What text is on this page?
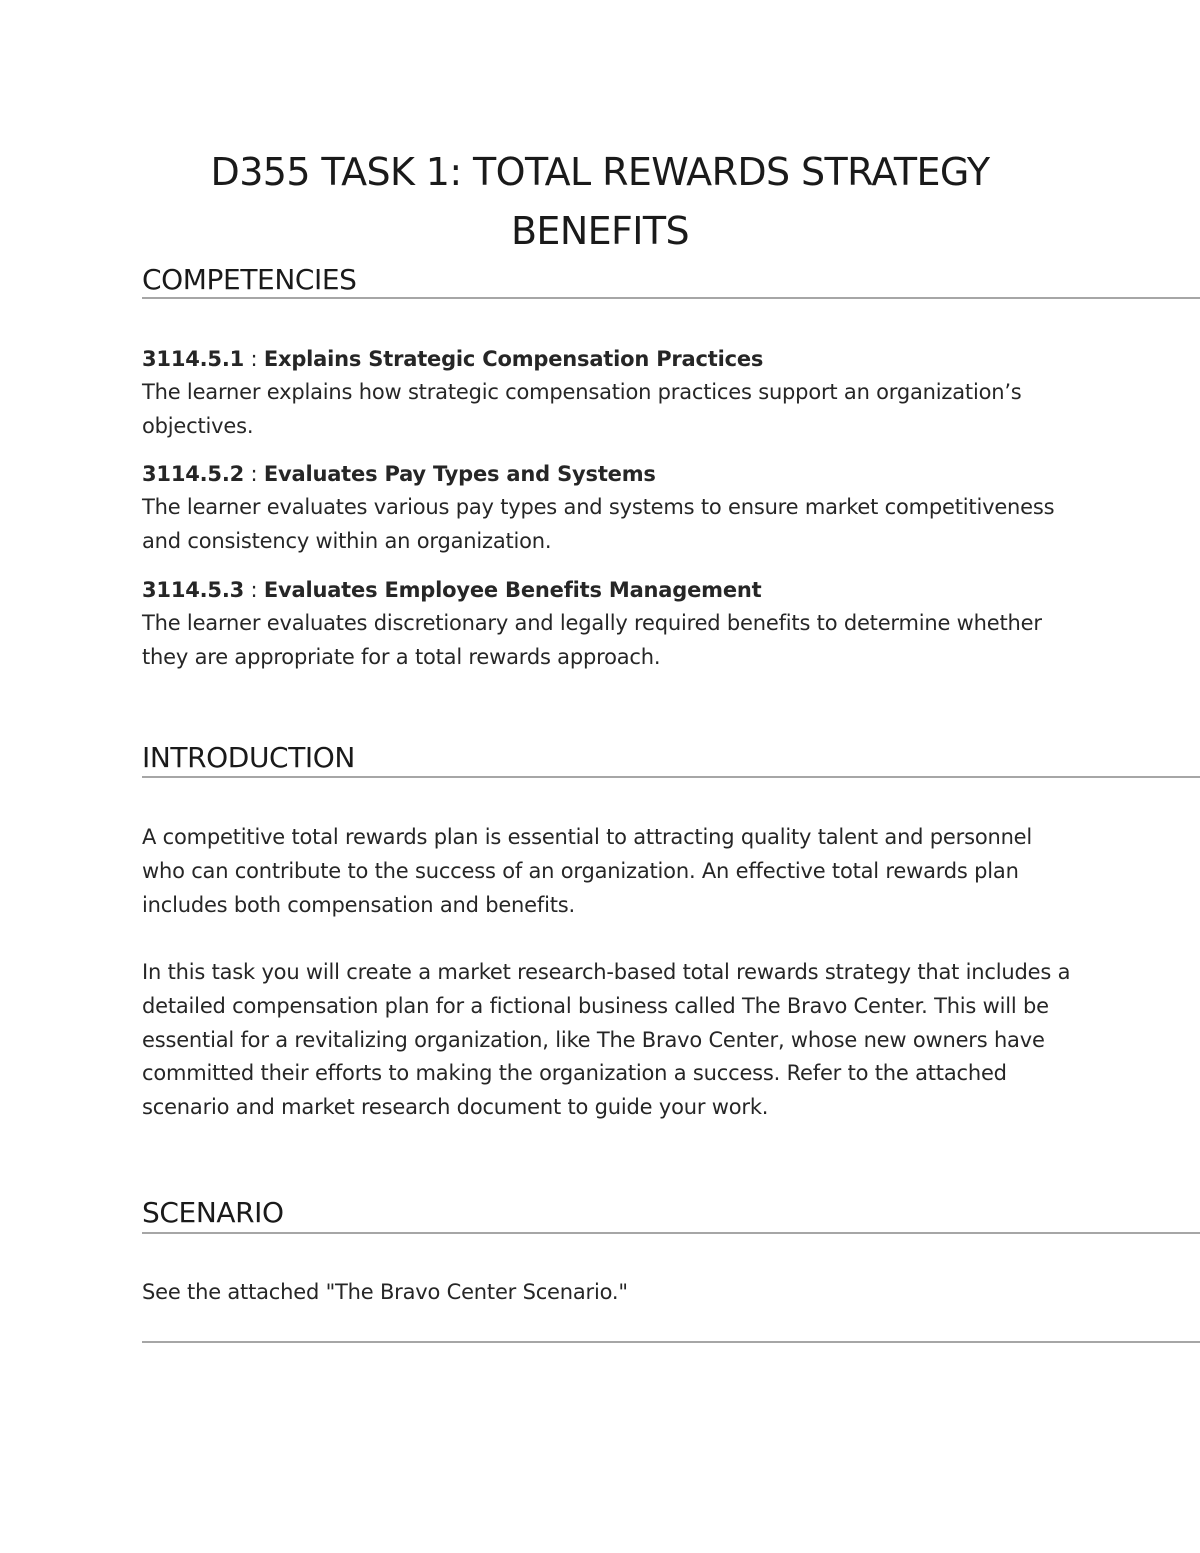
D355 TASK 1: TOTAL REWARDS STRATEGY
BENEFITS
COMPETENCIES

3114.5.1 : Explains Strategic Compensation Practices

The learner explains how strategic compensation practices support an organization’s objectives.

3114.5.2 : Evaluates Pay Types and Systems

The learner evaluates various pay types and systems to ensure market competitiveness and consistency within an organization.

3114.5.3 : Evaluates Employee Benefits Management

The learner evaluates discretionary and legally required benefits to determine whether they are appropriate for a total rewards approach.

INTRODUCTION

A competitive total rewards plan is essential to attracting quality talent and personnel who can contribute to the success of an organization. An effective total rewards plan includes both compensation and benefits.

In this task you will create a market research-based total rewards strategy that includes a detailed compensation plan for a fictional business called The Bravo Center. This will be essential for a revitalizing organization, like The Bravo Center, whose new owners have committed their efforts to making the organization a success. Refer to the attached scenario and market research document to guide your work.

SCENARIO

See the attached "The Bravo Center Scenario."
